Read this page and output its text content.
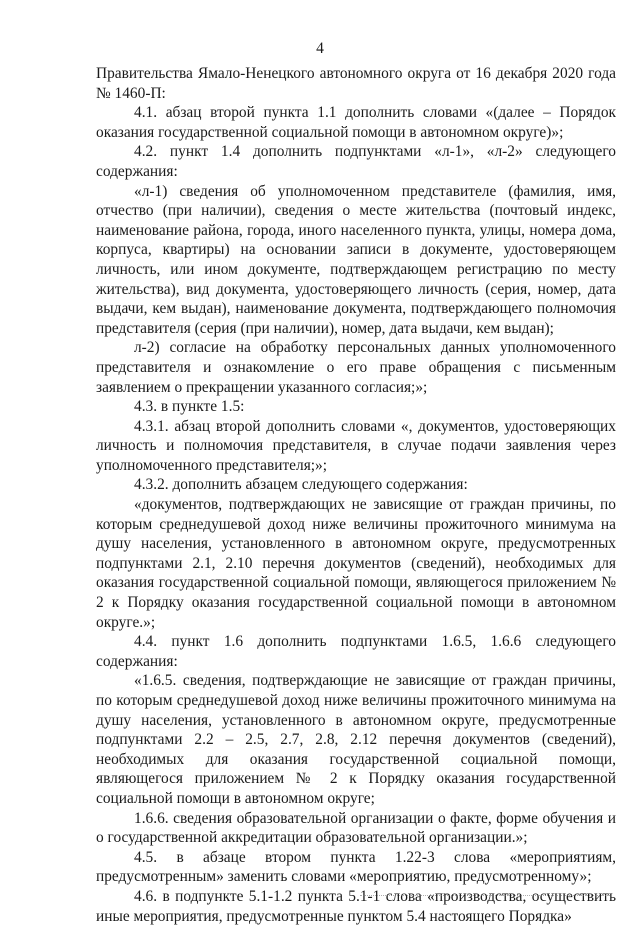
4

Правительства Ямало-Ненецкого автономного округа от 16 декабря 2020 года № 1460-П:

4.1. абзац второй пункта 1.1 дополнить словами «(далее – Порядок оказания государственной социальной помощи в автономном округе)»;

4.2. пункт 1.4 дополнить подпунктами «л-1», «л-2» следующего содержания:

«л-1) сведения об уполномоченном представителе (фамилия, имя, отчество (при наличии), сведения о месте жительства (почтовый индекс, наименование района, города, иного населенного пункта, улицы, номера дома, корпуса, квартиры) на основании записи в документе, удостоверяющем личность, или ином документе, подтверждающем регистрацию по месту жительства), вид документа, удостоверяющего личность (серия, номер, дата выдачи, кем выдан), наименование документа, подтверждающего полномочия представителя (серия (при наличии), номер, дата выдачи, кем выдан);

л-2) согласие на обработку персональных данных уполномоченного представителя и ознакомление о его праве обращения с письменным заявлением о прекращении указанного согласия;»;

4.3. в пункте 1.5:

4.3.1. абзац второй дополнить словами «, документов, удостоверяющих личность и полномочия представителя, в случае подачи заявления через уполномоченного представителя;»;

4.3.2. дополнить абзацем следующего содержания:

«документов, подтверждающих не зависящие от граждан причины, по которым среднедушевой доход ниже величины прожиточного минимума на душу населения, установленного в автономном округе, предусмотренных подпунктами 2.1, 2.10 перечня документов (сведений), необходимых для оказания государственной социальной помощи, являющегося приложением № 2 к Порядку оказания государственной социальной помощи в автономном округе.»;

4.4. пункт 1.6 дополнить подпунктами 1.6.5, 1.6.6 следующего содержания:

«1.6.5. сведения, подтверждающие не зависящие от граждан причины, по которым среднедушевой доход ниже величины прожиточного минимума на душу населения, установленного в автономном округе, предусмотренные подпунктами 2.2 – 2.5, 2.7, 2.8, 2.12 перечня документов (сведений), необходимых для оказания государственной социальной помощи, являющегося приложением № 2 к Порядку оказания государственной социальной помощи в автономном округе;

1.6.6. сведения образовательной организации о факте, форме обучения и о государственной аккредитации образовательной организации.»;

4.5. в абзаце втором пункта 1.22-3 слова «мероприятиям, предусмотренным» заменить словами «мероприятию, предусмотренному»;

4.6. в подпункте 5.1-1.2 пункта 5.1-1 слова «производства, осуществить иные мероприятия, предусмотренные пунктом 5.4 настоящего Порядка»
